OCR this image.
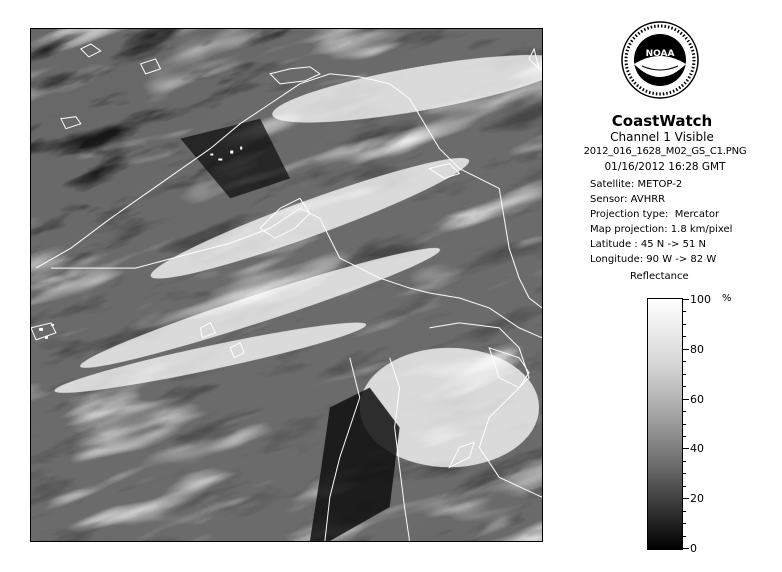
NOAA
CoastWatch
Channel 1 Visible
2012_016_1628_M02_GS_C1.PNG
01/16/2012 16:28 GMT
Satellite: METOP-2
Sensor: AVHRR
Projection type:  Mercator
Map projection: 1.8 km/pixel
Latitude : 45 N -> 51 N
Longitude: 90 W -> 82 W
Reflectance
%
100
80
60
40
20
0
